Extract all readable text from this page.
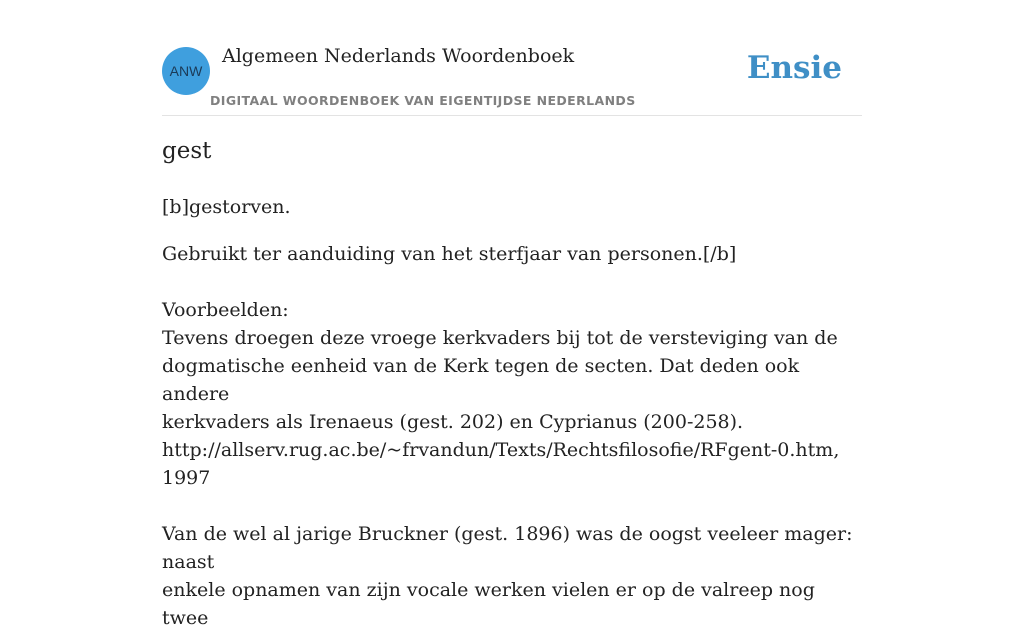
ANW
Algemeen Nederlands Woordenboek
DIGITAAL WOORDENBOEK VAN EIGENTIJDSE NEDERLANDS
Ensie
gest

[b]gestorven.

Gebruikt ter aanduiding van het sterfjaar van personen.[/b]

Voorbeelden:

Tevens droegen deze vroege kerkvaders bij tot de versteviging van de

dogmatische eenheid van de Kerk tegen de secten. Dat deden ook andere

kerkvaders als Irenaeus (gest. 202) en Cyprianus (200-258).

http://allserv.rug.ac.be/~frvandun/Texts/Rechtsfilosofie/RFgent-0.htm, 1997

Van de wel al jarige Bruckner (gest. 1896) was de oogst veeleer mager: naast

enkele opnamen van zijn vocale werken vielen er op de valreep nog twee
